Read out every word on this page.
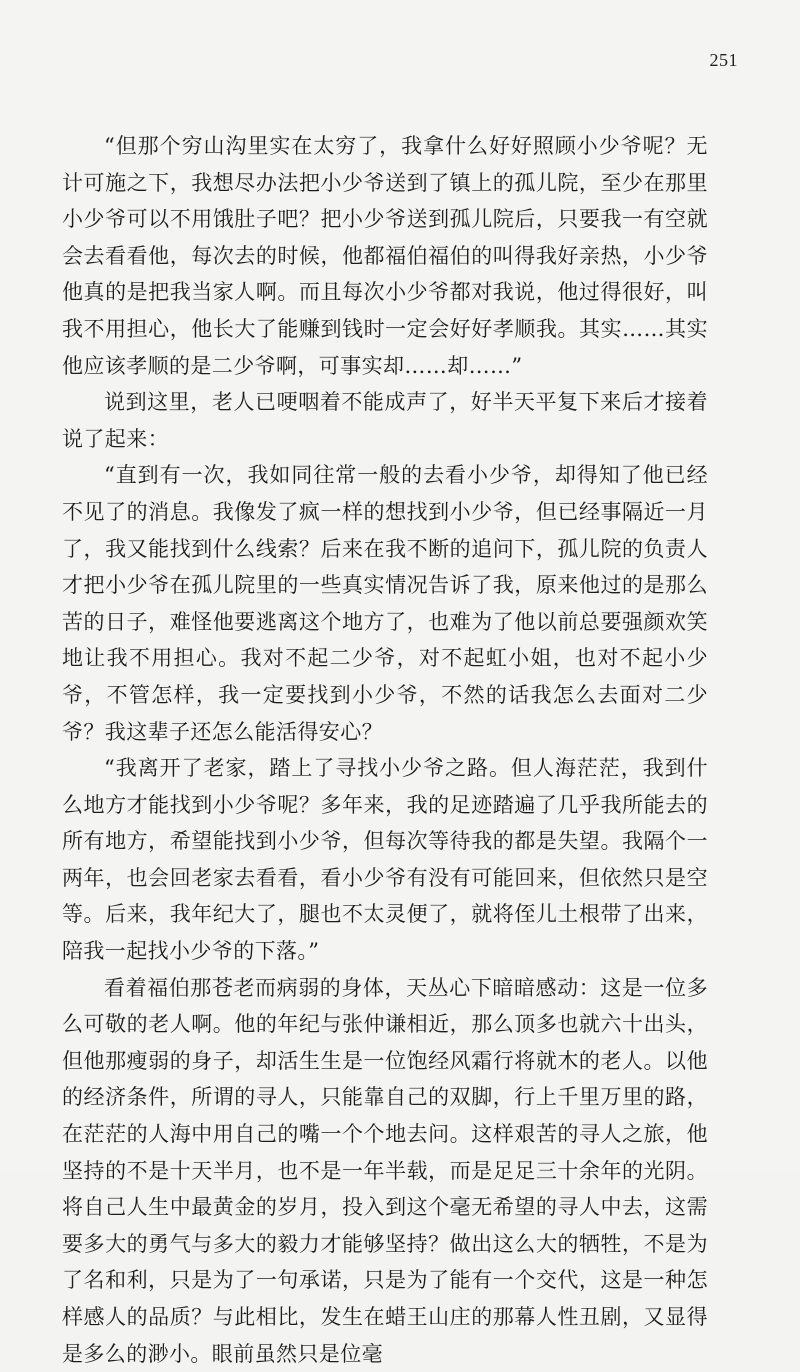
251

“但那个穷山沟里实在太穷了，我拿什么好好照顾小少爷呢？无计可施之下，我想尽办法把小少爷送到了镇上的孤儿院，至少在那里小少爷可以不用饿肚子吧？把小少爷送到孤儿院后，只要我一有空就会去看看他，每次去的时候，他都福伯福伯的叫得我好亲热，小少爷他真的是把我当家人啊。而且每次小少爷都对我说，他过得很好，叫我不用担心，他长大了能赚到钱时一定会好好孝顺我。其实……其实他应该孝顺的是二少爷啊，可事实却……却……”

说到这里，老人已哽咽着不能成声了，好半天平复下来后才接着说了起来：

“直到有一次，我如同往常一般的去看小少爷，却得知了他已经不见了的消息。我像发了疯一样的想找到小少爷，但已经事隔近一月了，我又能找到什么线索？后来在我不断的追问下，孤儿院的负责人才把小少爷在孤儿院里的一些真实情况告诉了我，原来他过的是那么苦的日子，难怪他要逃离这个地方了，也难为了他以前总要强颜欢笑地让我不用担心。我对不起二少爷，对不起虹小姐，也对不起小少爷，不管怎样，我一定要找到小少爷，不然的话我怎么去面对二少爷？我这辈子还怎么能活得安心？

“我离开了老家，踏上了寻找小少爷之路。但人海茫茫，我到什么地方才能找到小少爷呢？多年来，我的足迹踏遍了几乎我所能去的所有地方，希望能找到小少爷，但每次等待我的都是失望。我隔个一两年，也会回老家去看看，看小少爷有没有可能回来，但依然只是空等。后来，我年纪大了，腿也不太灵便了，就将侄儿土根带了出来，陪我一起找小少爷的下落。”

看着福伯那苍老而病弱的身体，天丛心下暗暗感动：这是一位多么可敬的老人啊。他的年纪与张仲谦相近，那么顶多也就六十出头，但他那瘦弱的身子，却活生生是一位饱经风霜行将就木的老人。以他的经济条件，所谓的寻人，只能靠自己的双脚，行上千里万里的路，在茫茫的人海中用自己的嘴一个个地去问。这样艰苦的寻人之旅，他坚持的不是十天半月，也不是一年半载，而是足足三十余年的光阴。将自己人生中最黄金的岁月，投入到这个毫无希望的寻人中去，这需要多大的勇气与多大的毅力才能够坚持？做出这么大的牺牲，不是为了名和利，只是为了一句承诺，只是为了能有一个交代，这是一种怎样感人的品质？与此相比，发生在蜡王山庄的那幕人性丑剧，又显得是多么的渺小。眼前虽然只是位毫
